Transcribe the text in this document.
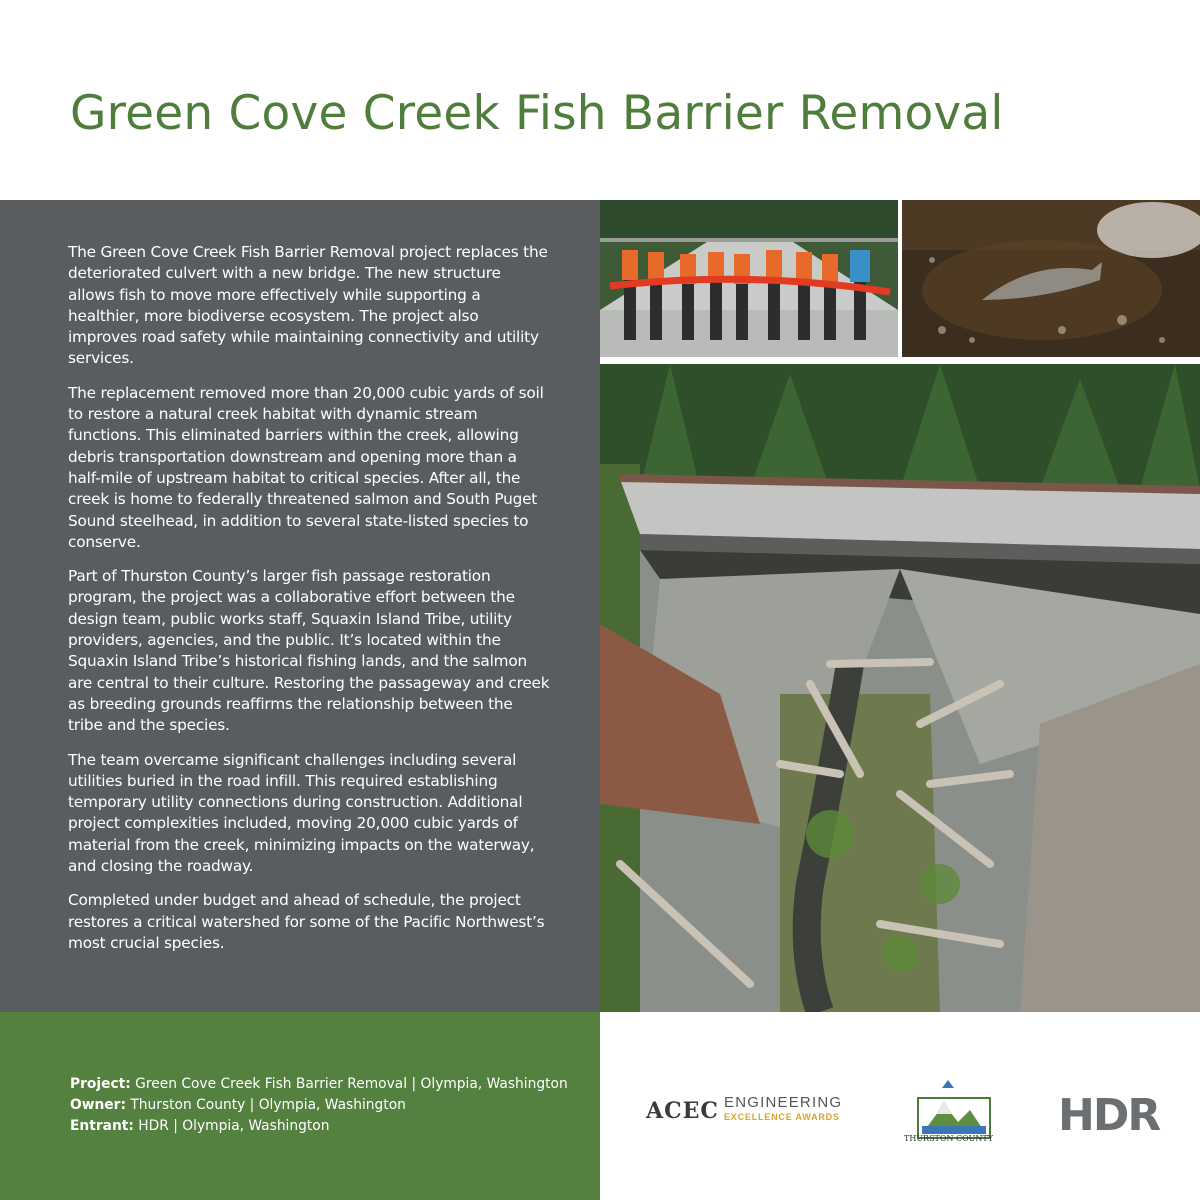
Green Cove Creek Fish Barrier Removal

The Green Cove Creek Fish Barrier Removal project replaces the deteriorated culvert with a new bridge. The new structure allows fish to move more effectively while supporting a healthier, more biodiverse ecosystem. The project also improves road safety while maintaining connectivity and utility services.

The replacement removed more than 20,000 cubic yards of soil to restore a natural creek habitat with dynamic stream functions. This eliminated barriers within the creek, allowing debris transportation downstream and opening more than a half-mile of upstream habitat to critical species. After all, the creek is home to federally threatened salmon and South Puget Sound steelhead, in addition to several state-listed species to conserve.

Part of Thurston County’s larger fish passage restoration program, the project was a collaborative effort between the design team, public works staff, Squaxin Island Tribe, utility providers, agencies, and the public. It’s located within the Squaxin Island Tribe’s historical fishing lands, and the salmon are central to their culture. Restoring the passageway and creek as breeding grounds reaffirms the relationship between the tribe and the species.

The team overcame significant challenges including several utilities buried in the road infill. This required establishing temporary utility connections during construction. Additional project complexities included, moving 20,000 cubic yards of material from the creek, minimizing impacts on the waterway, and closing the roadway.

Completed under budget and ahead of schedule, the project restores a critical watershed for some of the Pacific Northwest’s most crucial species.

Project: Green Cove Creek Fish Barrier Removal | Olympia, Washington
Owner: Thurston County | Olympia, Washington
Entrant: HDR | Olympia, Washington
ACEC ENGINEERING
EXCELLENCE AWARDS
THURSTON COUNTY HDR
